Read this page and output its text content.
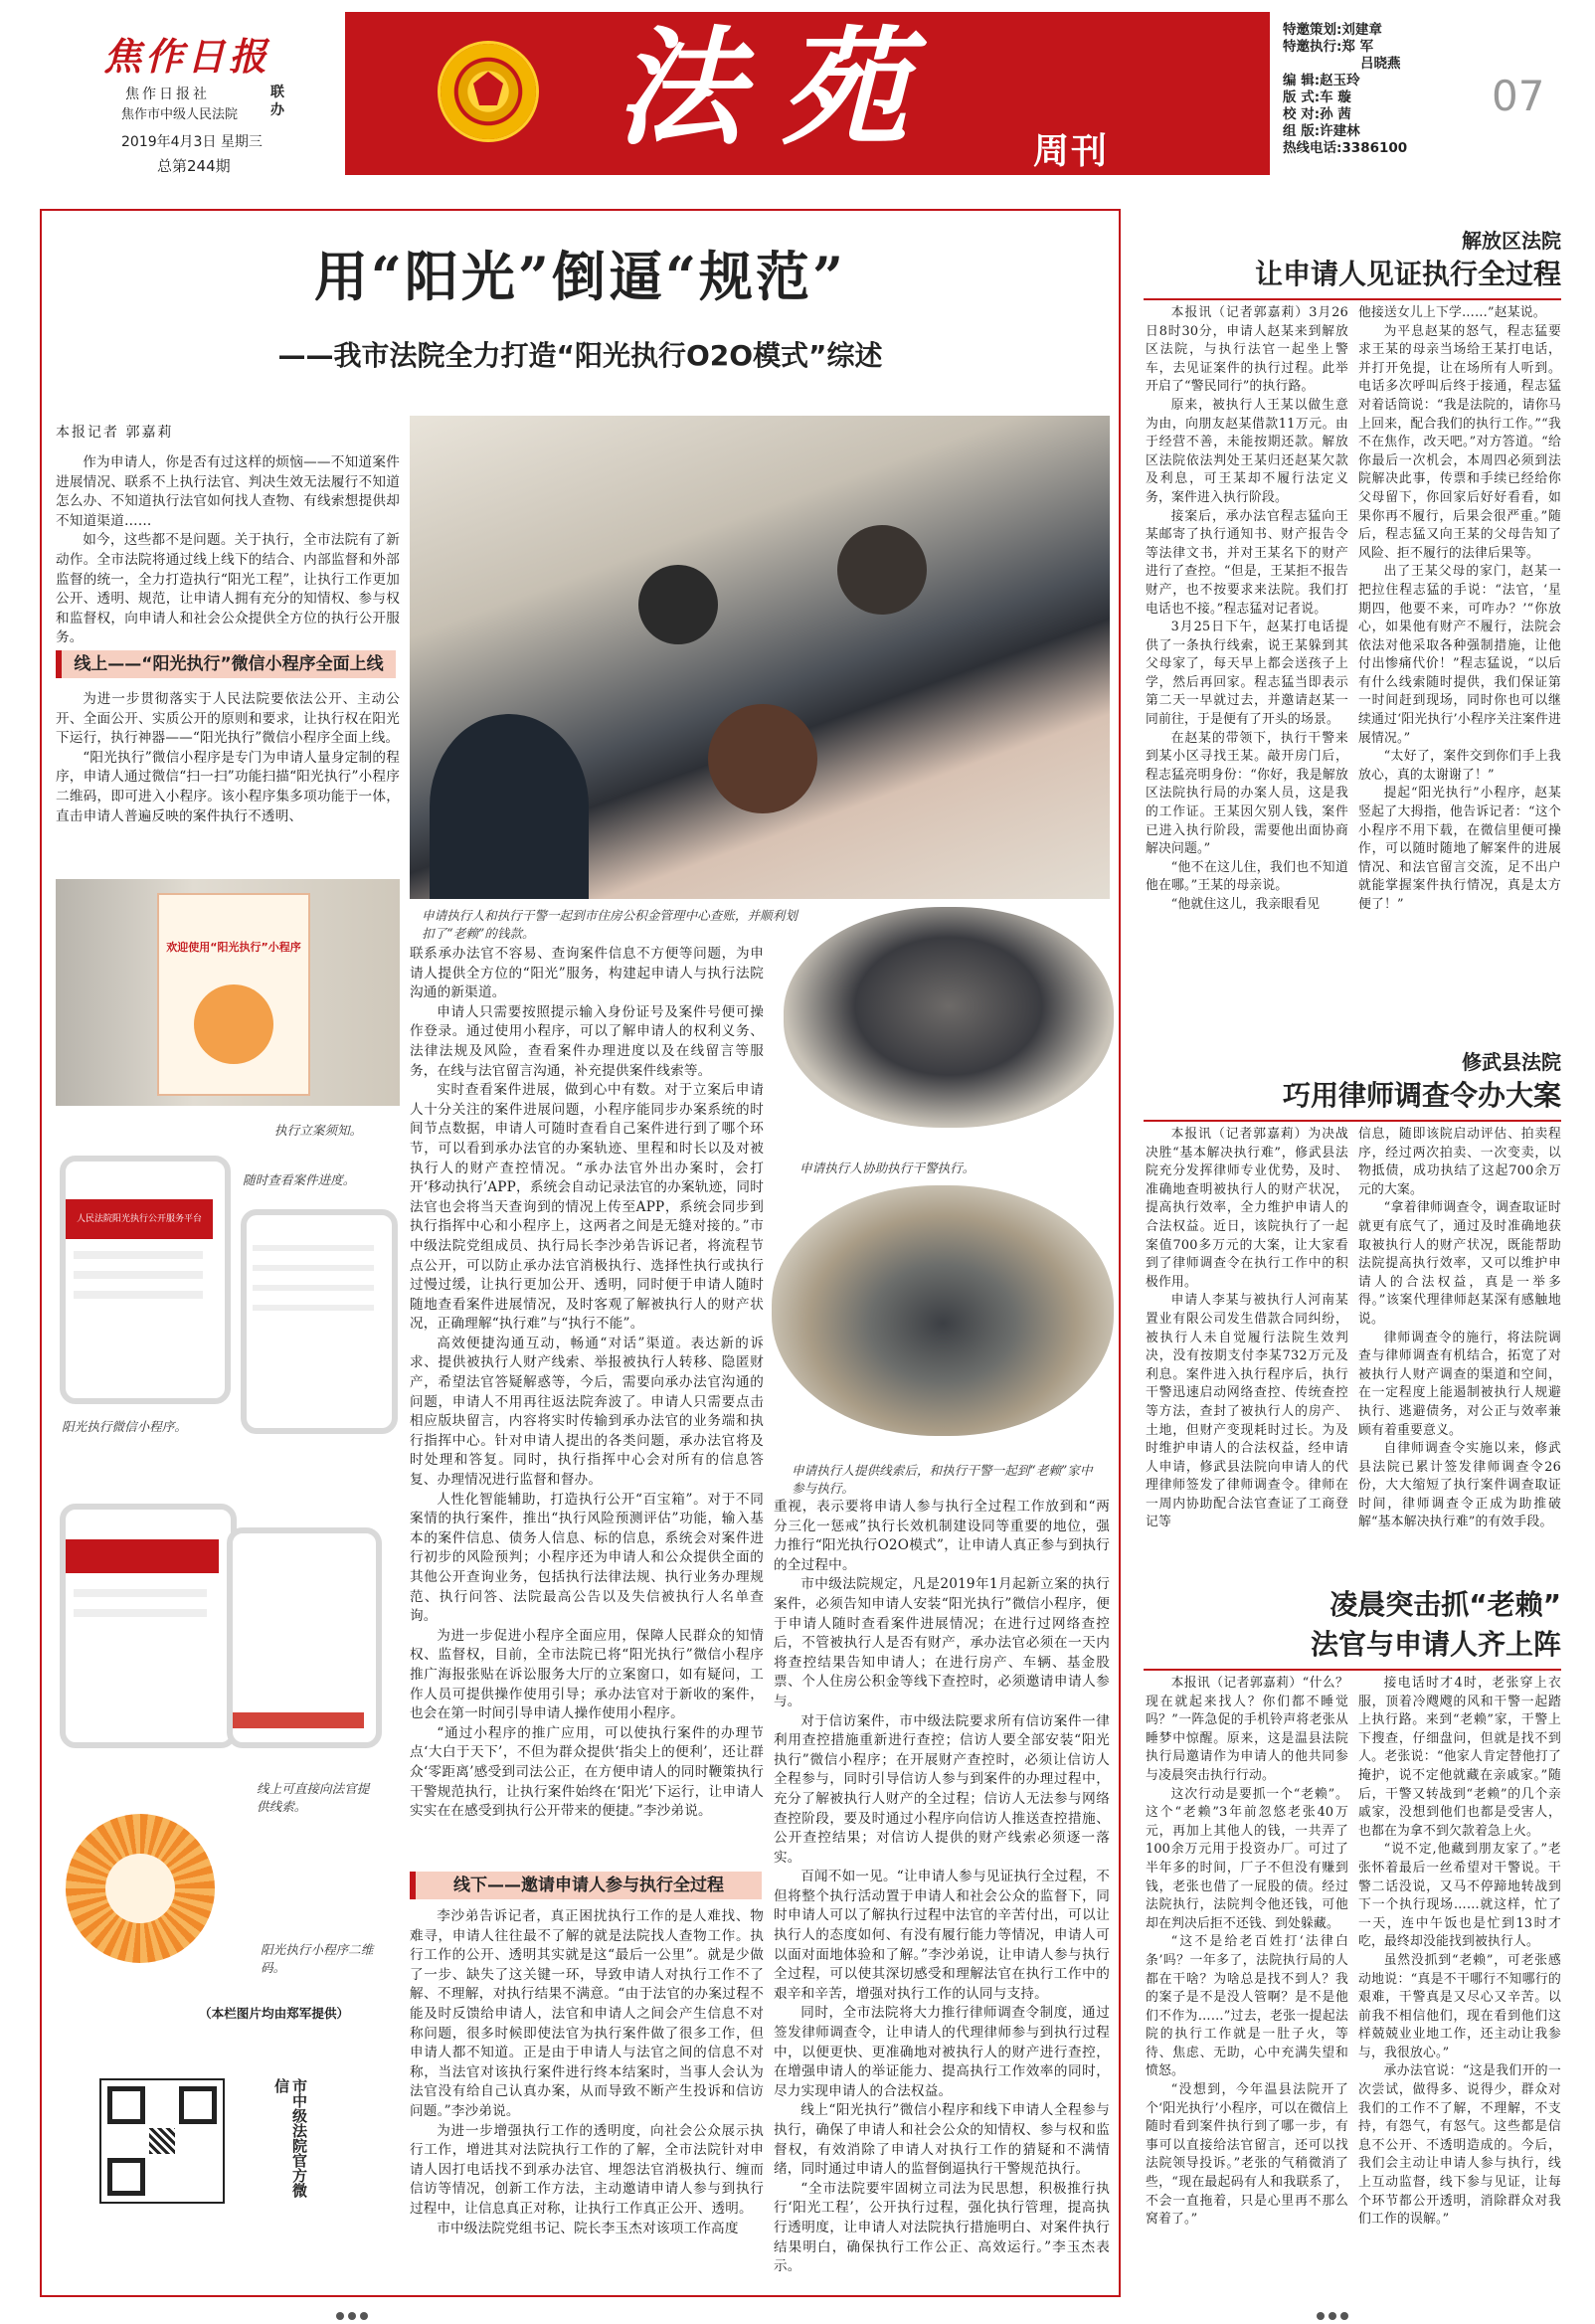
焦作日报
焦作日报社
焦作市中级人民法院
联办
2019年4月3日 星期三
总第244期
法苑 周刊
特邀策划:刘建章
特邀执行:郑 军
吕晓燕
编 辑:赵玉玲
版 式:车 璇
校 对:孙 茜
组 版:许建林
热线电话:3386100
07
用“阳光”倒逼“规范”
——我市法院全力打造“阳光执行O2O模式”综述
本报记者 郭嘉莉

作为申请人，你是否有过这样的烦恼——不知道案件进展情况、联系不上执行法官、判决生效无法履行不知道怎么办、不知道执行法官如何找人查物、有线索想提供却不知道渠道……

如今，这些都不是问题。关于执行，全市法院有了新动作。全市法院将通过线上线下的结合、内部监督和外部监督的统一，全力打造执行“阳光工程”，让执行工作更加公开、透明、规范，让申请人拥有充分的知情权、参与权和监督权，向申请人和社会公众提供全方位的执行公开服务。

线上——“阳光执行”微信小程序全面上线

为进一步贯彻落实于人民法院要依法公开、主动公开、全面公开、实质公开的原则和要求，让执行权在阳光下运行，执行神器——“阳光执行”微信小程序全面上线。

“阳光执行”微信小程序是专门为申请人量身定制的程序，申请人通过微信“扫一扫”功能扫描“阳光执行”小程序二维码，即可进入小程序。该小程序集多项功能于一体，直击申请人普遍反映的案件执行不透明、

申请执行人和执行干警一起到市住房公积金管理中心查账，并顺利划扣了“老赖”的钱款。
申请执行人协助执行干警执行。
申请执行人提供线索后，和执行干警一起到“老赖”家中参与执行。
欢迎使用“阳光执行”小程序
执行立案须知。
人民法院阳光执行公开服务平台
随时查看案件进度。
阳光执行微信小程序。
线上可直接向法官提供线索。
阳光执行小程序二维码。
（本栏图片均由郑军提供）
市中级法院官方微信

联系承办法官不容易、查询案件信息不方便等问题，为申请人提供全方位的“阳光”服务，构建起申请人与执行法院沟通的新渠道。

申请人只需要按照提示输入身份证号及案件号便可操作登录。通过使用小程序，可以了解申请人的权利义务、法律法规及风险，查看案件办理进度以及在线留言等服务，在线与法官留言沟通，补充提供案件线索等。

实时查看案件进展，做到心中有数。对于立案后申请人十分关注的案件进展问题，小程序能同步办案系统的时间节点数据，申请人可随时查看自己案件进行到了哪个环节，可以看到承办法官的办案轨迹、里程和时长以及对被执行人的财产查控情况。“承办法官外出办案时，会打开‘移动执行’APP，系统会自动记录法官的办案轨迹，同时法官也会将当天查询到的情况上传至APP，系统会同步到执行指挥中心和小程序上，这两者之间是无缝对接的。”市中级法院党组成员、执行局长李沙弟告诉记者，将流程节点公开，可以防止承办法官消极执行、选择性执行或执行过慢过缓，让执行更加公开、透明，同时便于申请人随时随地查看案件进展情况，及时客观了解被执行人的财产状况，正确理解“执行难”与“执行不能”。

高效便捷沟通互动，畅通“对话”渠道。表达新的诉求、提供被执行人财产线索、举报被执行人转移、隐匿财产，希望法官答疑解惑等，今后，需要向承办法官沟通的问题，申请人不用再往返法院奔波了。申请人只需要点击相应版块留言，内容将实时传输到承办法官的业务端和执行指挥中心。针对申请人提出的各类问题，承办法官将及时处理和答复。同时，执行指挥中心会对所有的信息答复、办理情况进行监督和督办。

人性化智能辅助，打造执行公开“百宝箱”。对于不同案情的执行案件，推出“执行风险预测评估”功能，输入基本的案件信息、债务人信息、标的信息，系统会对案件进行初步的风险预判；小程序还为申请人和公众提供全面的其他公开查询业务，包括执行法律法规、执行业务办理规范、执行问答、法院最高公告以及失信被执行人名单查询。

为进一步促进小程序全面应用，保障人民群众的知情权、监督权，目前，全市法院已将“阳光执行”微信小程序推广海报张贴在诉讼服务大厅的立案窗口，如有疑问，工作人员可提供操作使用引导；承办法官对于新收的案件，也会在第一时间引导申请人操作使用小程序。

“通过小程序的推广应用，可以使执行案件的办理节点‘大白于天下’，不但为群众提供‘指尖上的便利’，还让群众‘零距离’感受到司法公正，在方便申请人的同时鞭策执行干警规范执行，让执行案件始终在‘阳光’下运行，让申请人实实在在感受到执行公开带来的便捷。”李沙弟说。

线下——邀请申请人参与执行全过程

李沙弟告诉记者，真正困扰执行工作的是人难找、物难寻，申请人往往最不了解的就是法院找人查物工作。执行工作的公开、透明其实就是这“最后一公里”。就是少做了一步、缺失了这关键一环，导致申请人对执行工作不了解、不理解，对执行结果不满意。“由于法官的办案过程不能及时反馈给申请人，法官和申请人之间会产生信息不对称问题，很多时候即使法官为执行案件做了很多工作，但申请人都不知道。正是由于申请人与法官之间的信息不对称，当法官对该执行案件进行终本结案时，当事人会认为法官没有给自己认真办案，从而导致不断产生投诉和信访问题。”李沙弟说。

为进一步增强执行工作的透明度，向社会公众展示执行工作，增进其对法院执行工作的了解，全市法院针对申请人因打电话找不到承办法官、埋怨法官消极执行、缠而信访等情况，创新工作方法，主动邀请申请人参与到执行过程中，让信息真正对称，让执行工作真正公开、透明。

市中级法院党组书记、院长李玉杰对该项工作高度

重视，表示要将申请人参与执行全过程工作放到和“两分三化一惩戒”执行长效机制建设同等重要的地位，强力推行“阳光执行O2O模式”，让申请人真正参与到执行的全过程中。

市中级法院规定，凡是2019年1月起新立案的执行案件，必须告知申请人安装“阳光执行”微信小程序，便于申请人随时查看案件进展情况；在进行过网络查控后，不管被执行人是否有财产，承办法官必须在一天内将查控结果告知申请人；在进行房产、车辆、基金股票、个人住房公积金等线下查控时，必须邀请申请人参与。

对于信访案件，市中级法院要求所有信访案件一律利用查控措施重新进行查控；信访人要全部安装“阳光执行”微信小程序；在开展财产查控时，必须让信访人全程参与，同时引导信访人参与到案件的办理过程中，充分了解被执行人财产的全过程；信访人无法参与网络查控阶段，要及时通过小程序向信访人推送查控措施、公开查控结果；对信访人提供的财产线索必须逐一落实。

百闻不如一见。“让申请人参与见证执行全过程，不但将整个执行活动置于申请人和社会公众的监督下，同时申请人可以了解执行过程中法官的辛苦付出，可以让执行人的态度如何、有没有履行能力等情况，申请人可以面对面地体验和了解。”李沙弟说，让申请人参与执行全过程，可以使其深切感受和理解法官在执行工作中的艰辛和辛苦，增强对执行工作的认同与支持。

同时，全市法院将大力推行律师调查令制度，通过签发律师调查令，让申请人的代理律师参与到执行过程中，以便更快、更准确地对被执行人的财产进行查控，在增强申请人的举证能力、提高执行工作效率的同时，尽力实现申请人的合法权益。

线上“阳光执行”微信小程序和线下申请人全程参与执行，确保了申请人和社会公众的知情权、参与权和监督权，有效消除了申请人对执行工作的猜疑和不满情绪，同时通过申请人的监督倒逼执行干警规范执行。

“全市法院要牢固树立司法为民思想，积极推行执行‘阳光工程’，公开执行过程，强化执行管理，提高执行透明度，让申请人对法院执行措施明白、对案件执行结果明白，确保执行工作公正、高效运行。”李玉杰表示。

解放区法院
让申请人见证执行全过程

本报讯（记者郭嘉莉）3月26日8时30分，申请人赵某来到解放区法院，与执行法官一起坐上警车，去见证案件的执行过程。此举开启了“警民同行”的执行路。

原来，被执行人王某以做生意为由，向朋友赵某借款11万元。由于经营不善，未能按期还款。解放区法院依法判处王某归还赵某欠款及利息，可王某却不履行法定义务，案件进入执行阶段。

接案后，承办法官程志猛向王某邮寄了执行通知书、财产报告令等法律文书，并对王某名下的财产进行了查控。“但是，王某拒不报告财产，也不按要求来法院。我们打电话也不接。”程志猛对记者说。

3月25日下午，赵某打电话提供了一条执行线索，说王某躲到其父母家了，每天早上都会送孩子上学，然后再回家。程志猛当即表示第二天一早就过去，并邀请赵某一同前往，于是便有了开头的场景。

在赵某的带领下，执行干警来到某小区寻找王某。敲开房门后，程志猛亮明身份：“你好，我是解放区法院执行局的办案人员，这是我的工作证。王某因欠别人钱，案件已进入执行阶段，需要他出面协商解决问题。”

“他不在这儿住，我们也不知道他在哪。”王某的母亲说。

“他就住这儿，我亲眼看见

他接送女儿上下学……”赵某说。

为平息赵某的怒气，程志猛要求王某的母亲当场给王某打电话，并打开免提，让在场所有人听到。电话多次呼叫后终于接通，程志猛对着话筒说：“我是法院的，请你马上回来，配合我们的执行工作。”“我不在焦作，改天吧。”对方答道。“给你最后一次机会，本周四必须到法院解决此事，传票和手续已经给你父母留下，你回家后好好看看，如果你再不履行，后果会很严重。”随后，程志猛又向王某的父母告知了风险、拒不履行的法律后果等。

出了王某父母的家门，赵某一把拉住程志猛的手说：“法官，‘星期四，他要不来，可咋办？’“你放心，如果他有财产不履行，法院会依法对他采取各种强制措施，让他付出惨痛代价！”程志猛说，“以后有什么线索随时提供，我们保证第一时间赶到现场，同时你也可以继续通过‘阳光执行’小程序关注案件进展情况。”

“太好了，案件交到你们手上我放心，真的太谢谢了！”

提起“阳光执行”小程序，赵某竖起了大拇指，他告诉记者：“这个小程序不用下载，在微信里便可操作，可以随时随地了解案件的进展情况、和法官留言交流，足不出户就能掌握案件执行情况，真是太方便了！”

修武县法院
巧用律师调查令办大案

本报讯（记者郭嘉莉）为决战决胜“基本解决执行难”，修武县法院充分发挥律师专业优势，及时、准确地查明被执行人的财产状况，提高执行效率，全力维护申请人的合法权益。近日，该院执行了一起案值700多万元的大案，让大家看到了律师调查令在执行工作中的积极作用。

申请人李某与被执行人河南某置业有限公司发生借款合同纠纷，被执行人未自觉履行法院生效判决，没有按期支付李某732万元及利息。案件进入执行程序后，执行干警迅速启动网络查控、传统查控等方法，查封了被执行人的房产、土地，但财产变现耗时过长。为及时维护申请人的合法权益，经申请人申请，修武县法院向申请人的代理律师签发了律师调查令。律师在一周内协助配合法官查证了工商登记等

信息，随即该院启动评估、拍卖程序，经过两次拍卖、一次变卖，以物抵债，成功执结了这起700余万元的大案。

“拿着律师调查令，调查取证时就更有底气了，通过及时准确地获取被执行人的财产状况，既能帮助法院提高执行效率，又可以维护申请人的合法权益，真是一举多得。”该案代理律师赵某深有感触地说。

律师调查令的施行，将法院调查与律师调查有机结合，拓宽了对被执行人财产调查的渠道和空间，在一定程度上能遏制被执行人规避执行、逃避债务，对公正与效率兼顾有着重要意义。

自律师调查令实施以来，修武县法院已累计签发律师调查令26份，大大缩短了执行案件调查取证时间，律师调查令正成为助推破解“基本解决执行难”的有效手段。

凌晨突击抓“老赖”
法官与申请人齐上阵

本报讯（记者郭嘉莉）“什么？现在就起来找人？你们都不睡觉吗？”一阵急促的手机铃声将老张从睡梦中惊醒。原来，这是温县法院执行局邀请作为申请人的他共同参与凌晨突击执行行动。

这次行动是要抓一个“老赖”。这个“老赖”3年前忽悠老张40万元，再加上其他人的钱，一共弄了100余万元用于投资办厂。可过了半年多的时间，厂子不但没有赚到钱，老张也借了一屁股的债。经过法院执行，法院判令他还钱，可他却在判决后拒不还钱、到处躲藏。

“这不是给老百姓打‘法律白条’吗？一年多了，法院执行局的人都在干啥？为啥总是找不到人？我的案子是不是没人管啊？是不是他们不作为……”过去，老张一提起法院的执行工作就是一肚子火，等待、焦虑、无助，心中充满失望和愤怒。

“没想到，今年温县法院开了个‘阳光执行’小程序，可以在微信上随时看到案件执行到了哪一步，有事可以直接给法官留言，还可以找法院领导投诉。”老张的气稍微消了些，“现在最起码有人和我联系了，不会一直拖着，只是心里再不那么窝着了。”

接电话时才4时，老张穿上衣服，顶着冷飕飕的风和干警一起踏上执行路。来到“老赖”家，干警上下搜查，仔细盘问，但就是找不到人。老张说：“他家人肯定替他打了掩护，说不定他就藏在亲戚家。”随后，干警又转战到“老赖”的几个亲戚家，没想到他们也都是受害人，也都在为拿不到欠款着急上火。

“说不定,他藏到朋友家了。”老张怀着最后一丝希望对干警说。干警二话没说，又马不停蹄地转战到下一个执行现场……就这样，忙了一天，连中午饭也是忙到13时才吃，最终却没能找到被执行人。

虽然没抓到“老赖”，可老张感动地说：“真是不干哪行不知哪行的艰难，干警真是又尽心又辛苦。以前我不相信他们，现在看到他们这样兢兢业业地工作，还主动让我参与，我很放心。”

承办法官说：“这是我们开的一次尝试，做得多、说得少，群众对我们的工作不了解，不理解，不支持，有怨气，有怒气。这些都是信息不公开、不透明造成的。今后，我们会主动让申请人参与执行，线上互动监督，线下参与见证，让每个环节都公开透明，消除群众对我们工作的误解。”
